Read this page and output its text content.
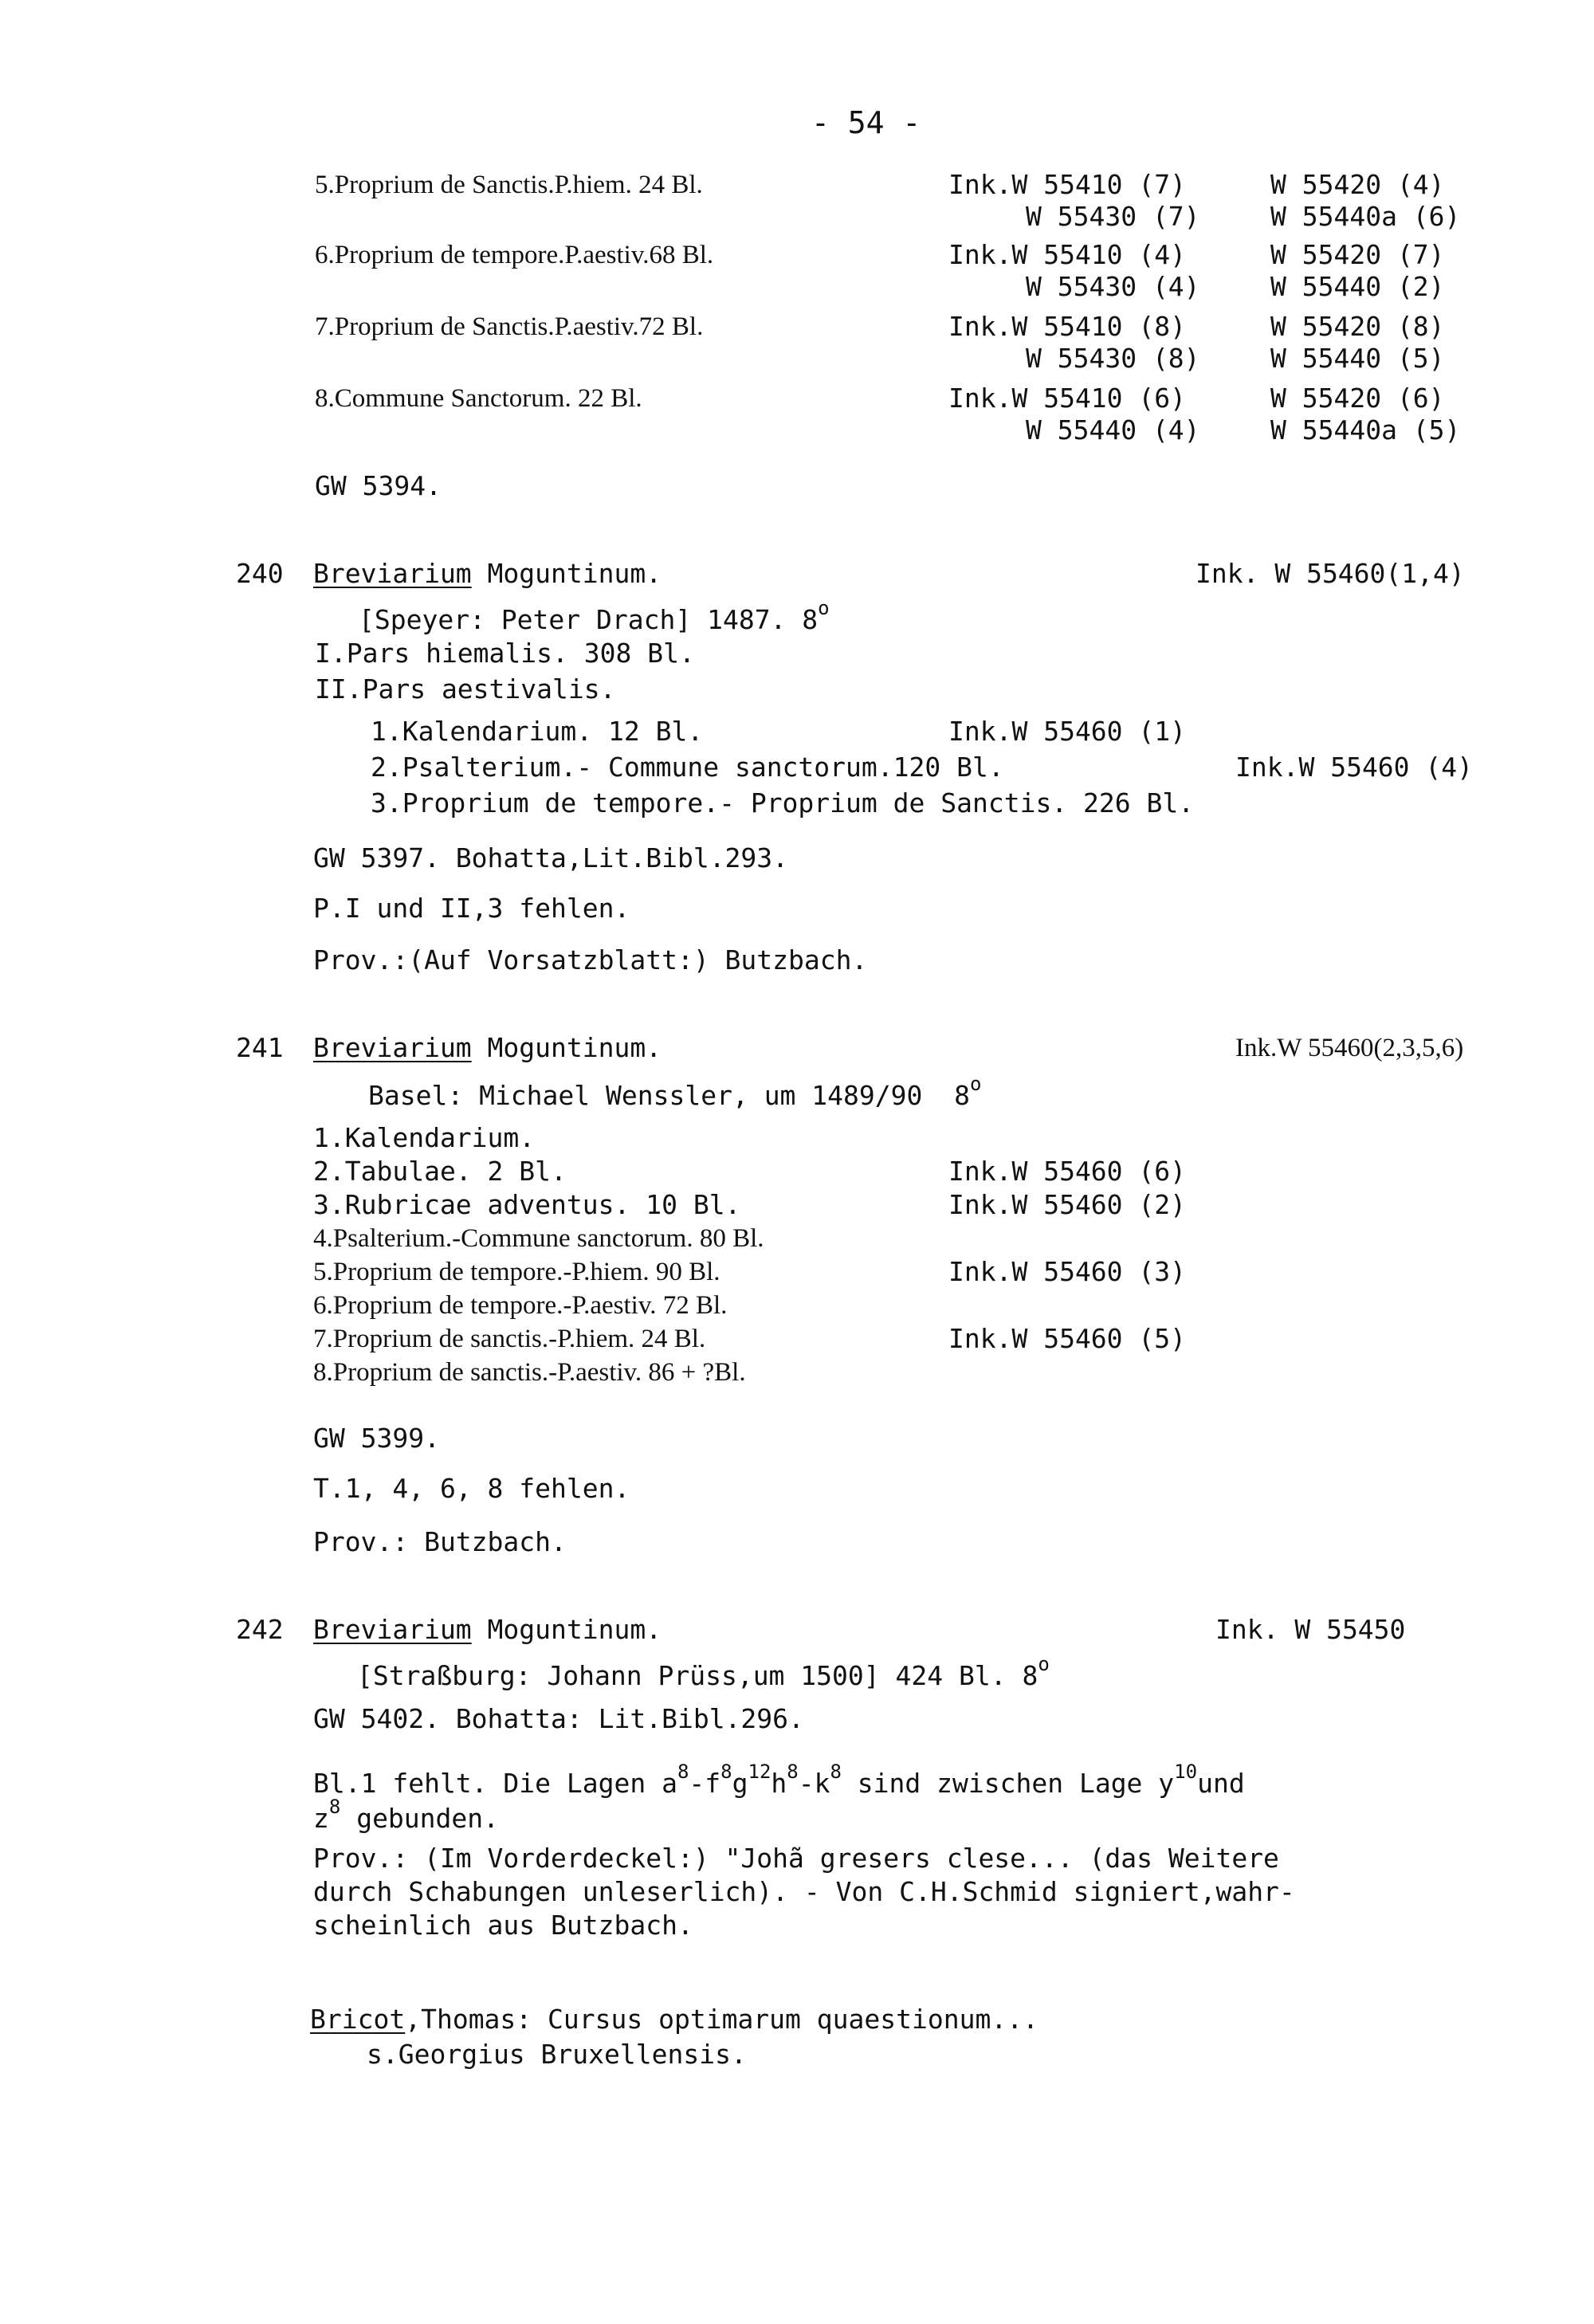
- 54 -
5.Proprium de Sanctis.P.hiem. 24 Bl.	Ink.W 55410 (7)	W 55420 (4)
W 55430 (7)	W 55440a (6)
6.Proprium de tempore.P.aestiv.68 Bl.	Ink.W 55410 (4)	W 55420 (7)
W 55430 (4)	W 55440 (2)
7.Proprium de Sanctis.P.aestiv.72 Bl.	Ink.W 55410 (8)	W 55420 (8)
W 55430 (8)	W 55440 (5)
8.Commune Sanctorum. 22 Bl.	Ink.W 55410 (6)	W 55420 (6)
W 55440 (4)	W 55440a (5)
GW 5394.
240 Breviarium Moguntinum.	Ink. W 55460(1,4)
[Speyer: Peter Drach] 1487. 8$^o$
I.Pars hiemalis. 308 Bl.
II.Pars aestivalis.
1.Kalendarium. 12 Bl.	Ink.W 55460 (1)
2.Psalterium.- Commune sanctorum.120 Bl.	Ink.W 55460 (4)
3.Proprium de tempore.- Proprium de Sanctis. 226 Bl.
GW 5397. Bohatta,Lit.Bibl.293.
P.I und II,3 fehlen.
Prov.:(Auf Vorsatzblatt:) Butzbach.
241 Breviarium Moguntinum.	Ink.W 55460(2,3,5,6)
Basel: Michael Wenssler, um 1489/90  8$^o$
1.Kalendarium.
2.Tabulae. 2 Bl.	Ink.W 55460 (6)
3.Rubricae adventus. 10 Bl.	Ink.W 55460 (2)
4.Psalterium.-Commune sanctorum. 80 Bl.
5.Proprium de tempore.-P.hiem. 90 Bl.	Ink.W 55460 (3)
6.Proprium de tempore.-P.aestiv. 72 Bl.
7.Proprium de sanctis.-P.hiem. 24 Bl.	Ink.W 55460 (5)
8.Proprium de sanctis.-P.aestiv. 86 + ?Bl.
GW 5399.
T.1, 4, 6, 8 fehlen.
Prov.: Butzbach.
242 Breviarium Moguntinum.	Ink. W 55450
[Straßburg: Johann Prüss,um 1500] 424 Bl. 8$^o$
GW 5402. Bohatta: Lit.Bibl.296.
Bl.1 fehlt. Die Lagen $a^8-f^8g^{12}h^8-k^8$ sind zwischen Lage $y^{10}und$
$z^8$ gebunden.
Prov.: (Im Vorderdeckel:) "Johã gresers clese... (das Weitere
durch Schabungen unleserlich). - Von C.H.Schmid signiert,wahr-
scheinlich aus Butzbach.
Bricot,Thomas: Cursus optimarum quaestionum...
s.Georgius Bruxellensis.
